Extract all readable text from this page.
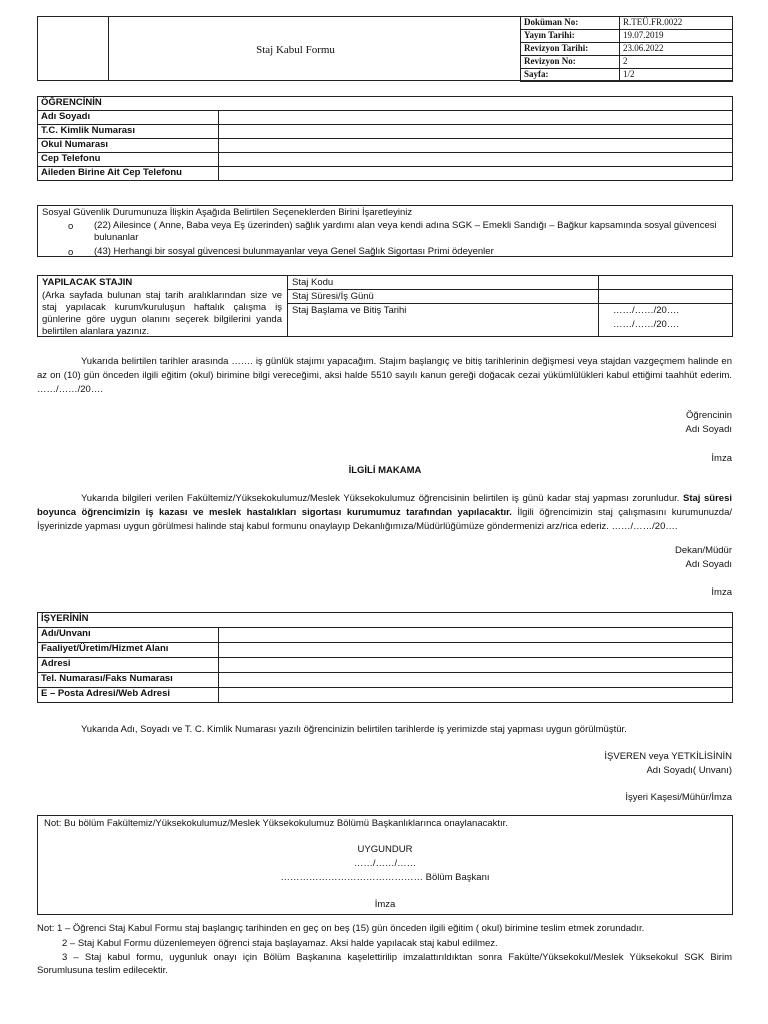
Staj Kabul Formu
Doküman No:	R.TEÜ.FR.0022
Yayın Tarihi:	19.07.2019
Revizyon Tarihi:	23.06.2022
Revizyon No:	2
Sayfa:	1/2
ÖĞRENCİNİN	
Adı Soyadı	
T.C. Kimlik Numarası	
Okul Numarası	
Cep Telefonu	
Aileden Birine Ait Cep Telefonu	
Sosyal Güvenlik Durumunuza İlişkin Aşağıda Belirtilen Seçeneklerden Birini İşaretleyiniz
o (22) Ailesince ( Anne, Baba veya Eş üzerinden) sağlık yardımı alan veya kendi adına SGK – Emekli Sandığı – Bağkur kapsamında sosyal güvencesi bulunanlar
o (43) Herhangi bir sosyal güvencesi bulunmayanlar veya Genel Sağlık Sigortası Primi ödeyenler
YAPILACAK STAJIN
(Arka sayfada bulunan staj tarih aralıklarından size ve staj yapılacak kurum/kuruluşun haftalık çalışma iş günlerine göre uygun olanını seçerek bilgilerini yanda belirtilen alanlara yazınız.
Staj Kodu
Staj Süresi/İş Günü
Staj Başlama ve Bitiş Tarihi	……/……/20….
……/……/20….
Yukarıda belirtilen tarihler arasında ……. iş günlük stajımı yapacağım. Stajım başlangıç ve bitiş tarihlerinin değişmesi veya stajdan vazgeçmem halinde en az on (10) gün önceden ilgili eğitim (okul) birimine bilgi vereceğimi, aksi halde 5510 sayılı kanun gereği doğacak cezai yükümlülükleri kabul ettiğimi taahhüt ederim. ……/……/20….
Öğrencinin
Adı Soyadı
İmza
İLGİLİ MAKAMA
Yukarıda bilgileri verilen Fakültemiz/Yüksekokulumuz/Meslek Yüksekokulumuz öğrencisinin belirtilen iş günü kadar staj yapması zorunludur. Staj süresi boyunca öğrencimizin iş kazası ve meslek hastalıkları sigortası kurumumuz tarafından yapılacaktır. İlgili öğrencimizin staj çalışmasını kurumunuzda/İşyerinizde yapması uygun görülmesi halinde staj kabul formunu onaylayıp Dekanlığımıza/Müdürlüğümüze göndermenizi arz/rica ederiz. ……/……/20….
Dekan/Müdür
Adı Soyadı
İmza
İŞYERİNİN	
Adı/Unvanı	
Faaliyet/Üretim/Hizmet Alanı	
Adresi	
Tel. Numarası/Faks Numarası	
E – Posta Adresi/Web Adresi	
Yukarıda Adı, Soyadı ve T. C. Kimlik Numarası yazılı öğrencinizin belirtilen tarihlerde iş yerimizde staj yapması uygun görülmüştür.
İŞVEREN veya YETKİLİSİNİN
Adı Soyadı( Unvanı)
İşyeri Kaşesi/Mühür/İmza
Not: Bu bölüm Fakültemiz/Yüksekokulumuz/Meslek Yüksekokulumuz Bölümü Başkanlıklarınca onaylanacaktır.
UYGUNDUR
……/……/……
……………………………………… Bölüm Başkanı
İmza
Not: 1 – Öğrenci Staj Kabul Formu staj başlangıç tarihinden en geç on beş (15) gün önceden ilgili eğitim ( okul) birimine teslim etmek zorundadır.
2 – Staj Kabul Formu düzenlemeyen öğrenci staja başlayamaz. Aksi halde yapılacak staj kabul edilmez.
3 – Staj kabul formu, uygunluk onayı için Bölüm Başkanına kaşelettirilip imzalattırıldıktan sonra Fakülte/Yüksekokul/Meslek Yüksekokul SGK Birim Sorumlusuna teslim edilecektir.
